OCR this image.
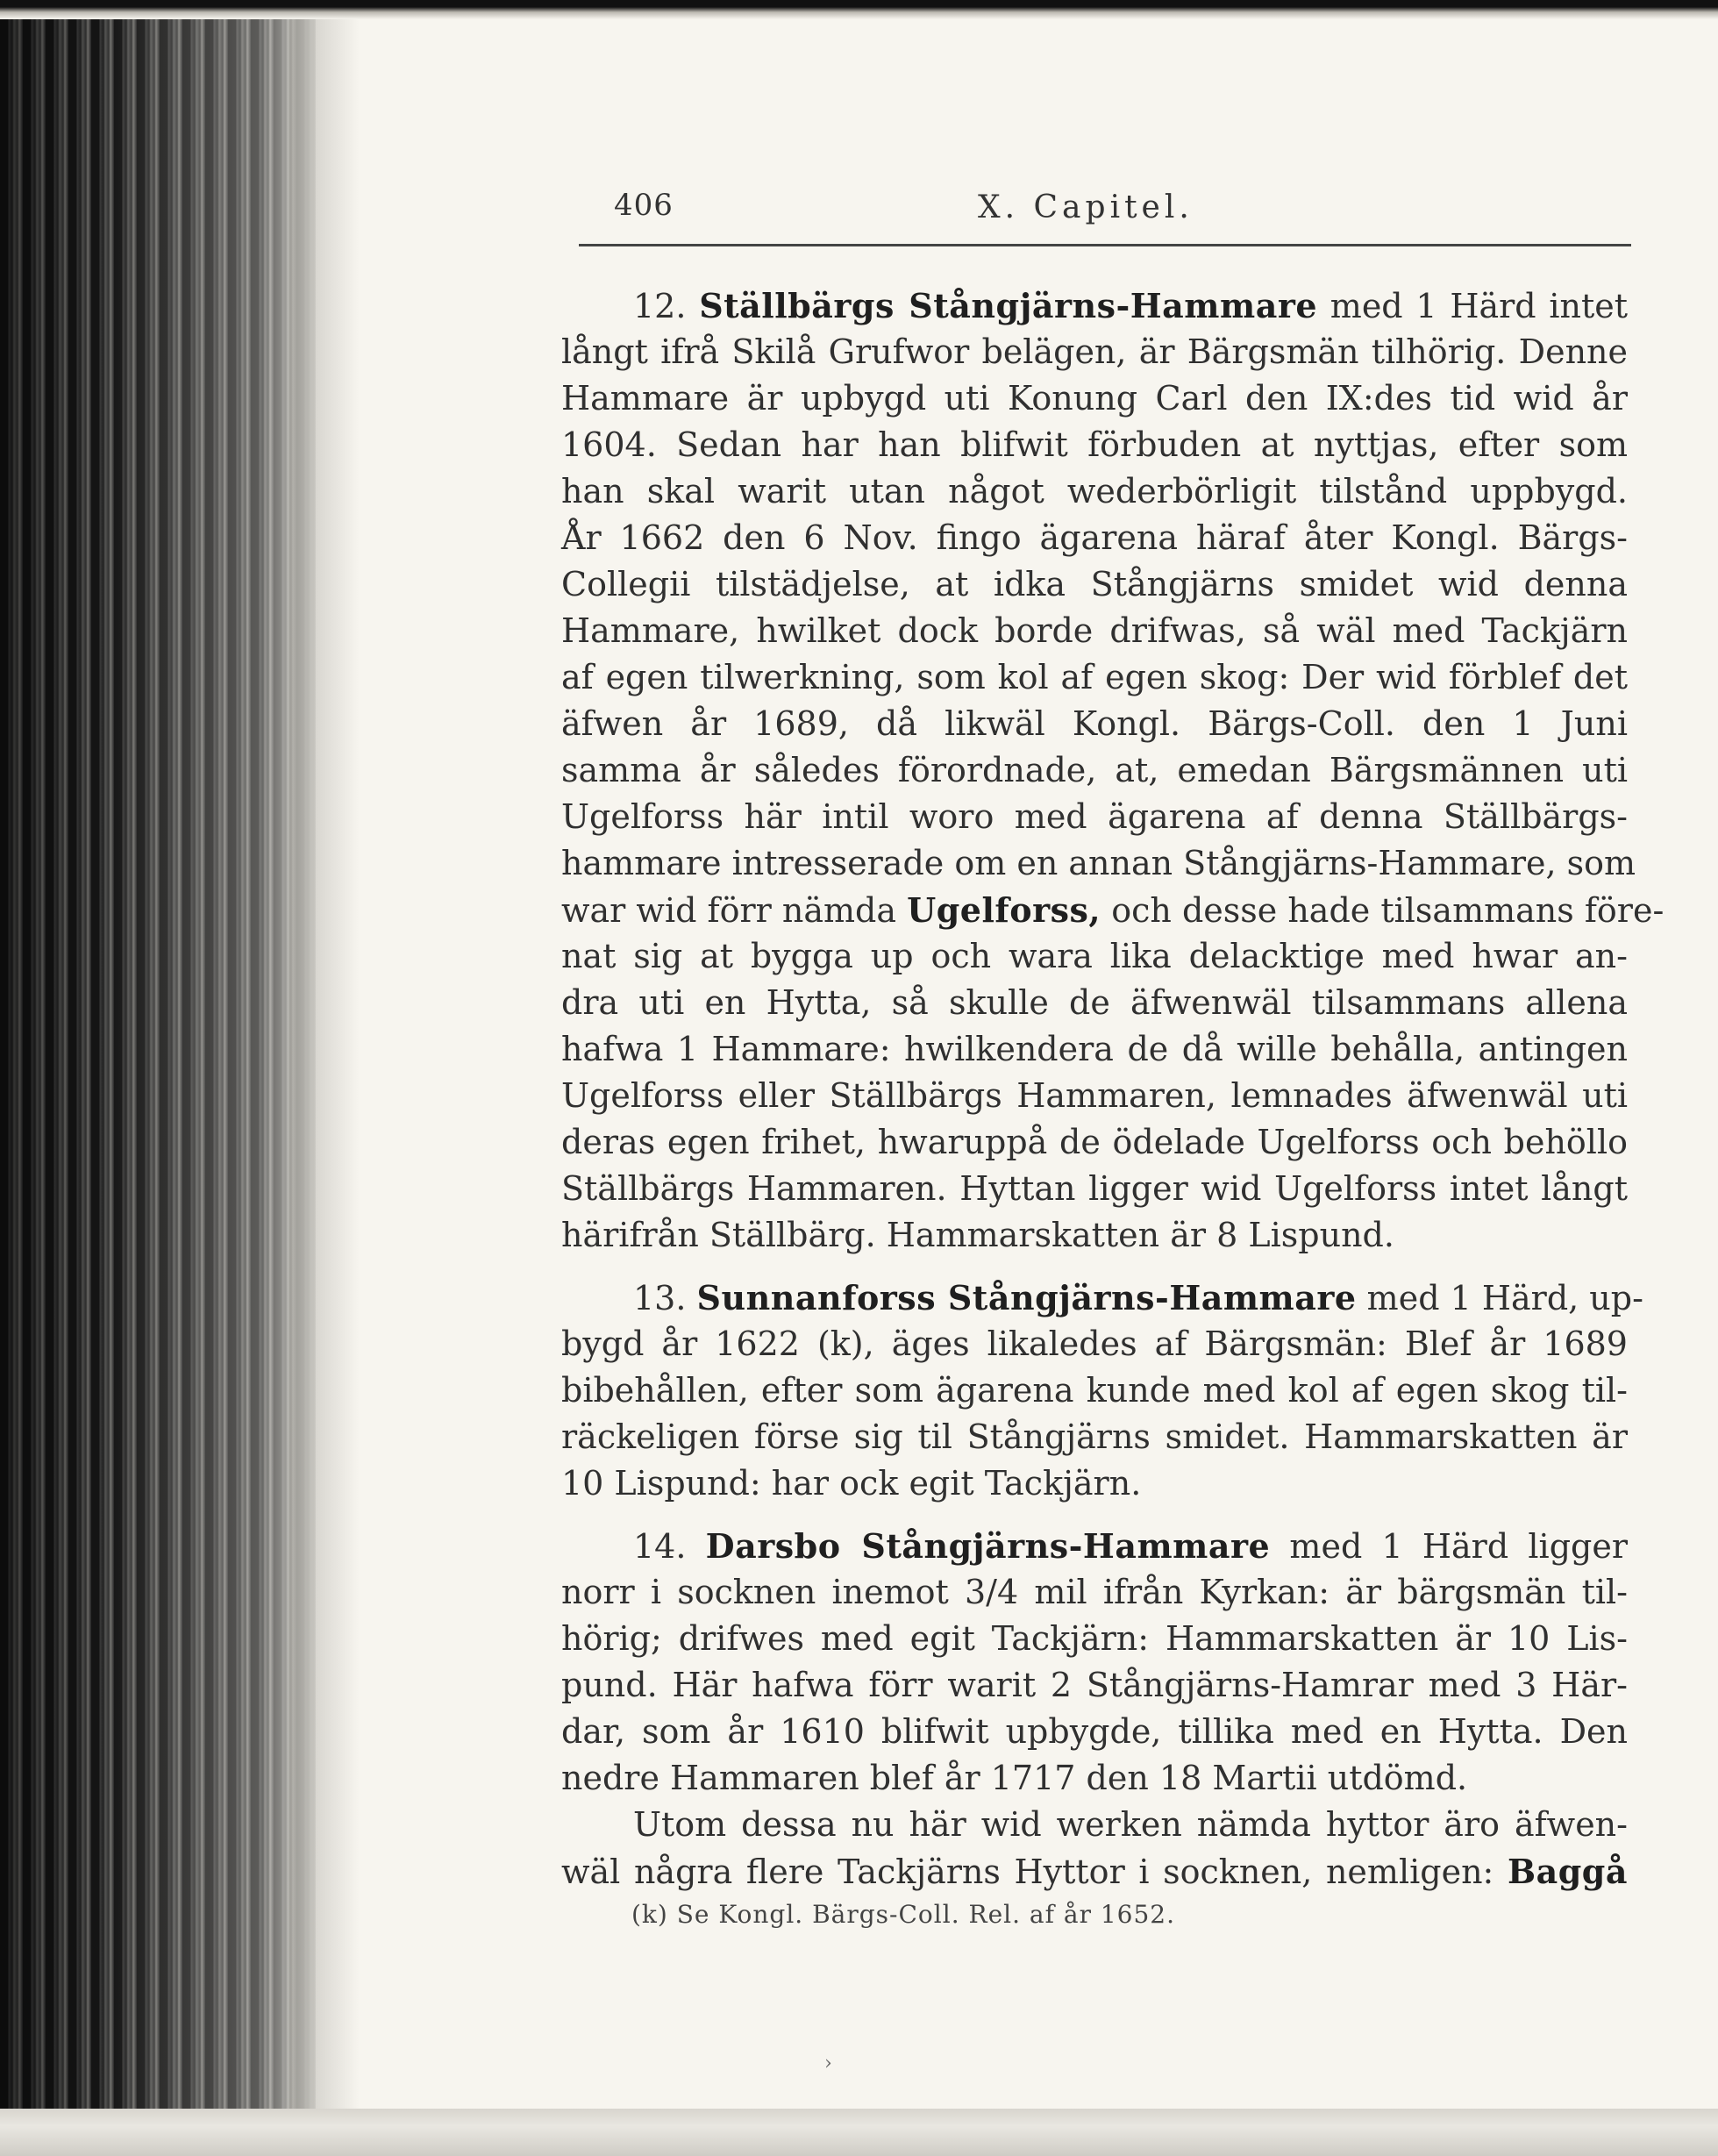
406	X. Capitel.
12. Ställbärgs Stångjärns-Hammare med 1 Härd intet
långt ifrå Skilå Grufwor belägen, är Bärgsmän tilhörig. Denne
Hammare är upbygd uti Konung Carl den IX:des tid wid år
1604. Sedan har han blifwit förbuden at nyttjas, efter som
han skal warit utan något wederbörligit tilstånd uppbygd.
År 1662 den 6 Nov. fingo ägarena häraf åter Kongl. Bärgs-
Collegii tilstädjelse, at idka Stångjärns smidet wid denna
Hammare, hwilket dock borde drifwas, så wäl med Tackjärn
af egen tilwerkning, som kol af egen skog: Der wid förblef det
äfwen år 1689, då likwäl Kongl. Bärgs-Coll. den 1 Juni
samma år således förordnade, at, emedan Bärgsmännen uti
Ugelforss här intil woro med ägarena af denna Ställbärgs-
hammare intresserade om en annan Stångjärns-Hammare, som
war wid förr nämda Ugelforss, och desse hade tilsammans före-
nat sig at bygga up och wara lika delacktige med hwar an-
dra uti en Hytta, så skulle de äfwenwäl tilsammans allena
hafwa 1 Hammare: hwilkendera de då wille behålla, antingen
Ugelforss eller Ställbärgs Hammaren, lemnades äfwenwäl uti
deras egen frihet, hwaruppå de ödelade Ugelforss och behöllo
Ställbärgs Hammaren. Hyttan ligger wid Ugelforss intet långt
härifrån Ställbärg. Hammarskatten är 8 Lispund.
13. Sunnanforss Stångjärns-Hammare med 1 Härd, up-
bygd år 1622 (k), äges likaledes af Bärgsmän: Blef år 1689
bibehållen, efter som ägarena kunde med kol af egen skog til-
räckeligen förse sig til Stångjärns smidet. Hammarskatten är
10 Lispund: har ock egit Tackjärn.
14. Darsbo Stångjärns-Hammare med 1 Härd ligger
norr i socknen inemot 3/4 mil ifrån Kyrkan: är bärgsmän til-
hörig; drifwes med egit Tackjärn: Hammarskatten är 10 Lis-
pund. Här hafwa förr warit 2 Stångjärns-Hamrar med 3 Här-
dar, som år 1610 blifwit upbygde, tillika med en Hytta. Den
nedre Hammaren blef år 1717 den 18 Martii utdömd.
Utom dessa nu här wid werken nämda hyttor äro äfwen-
wäl några flere Tackjärns Hyttor i socknen, nemligen: Baggå
(k) Se Kongl. Bärgs-Coll. Rel. af år 1652.
›
